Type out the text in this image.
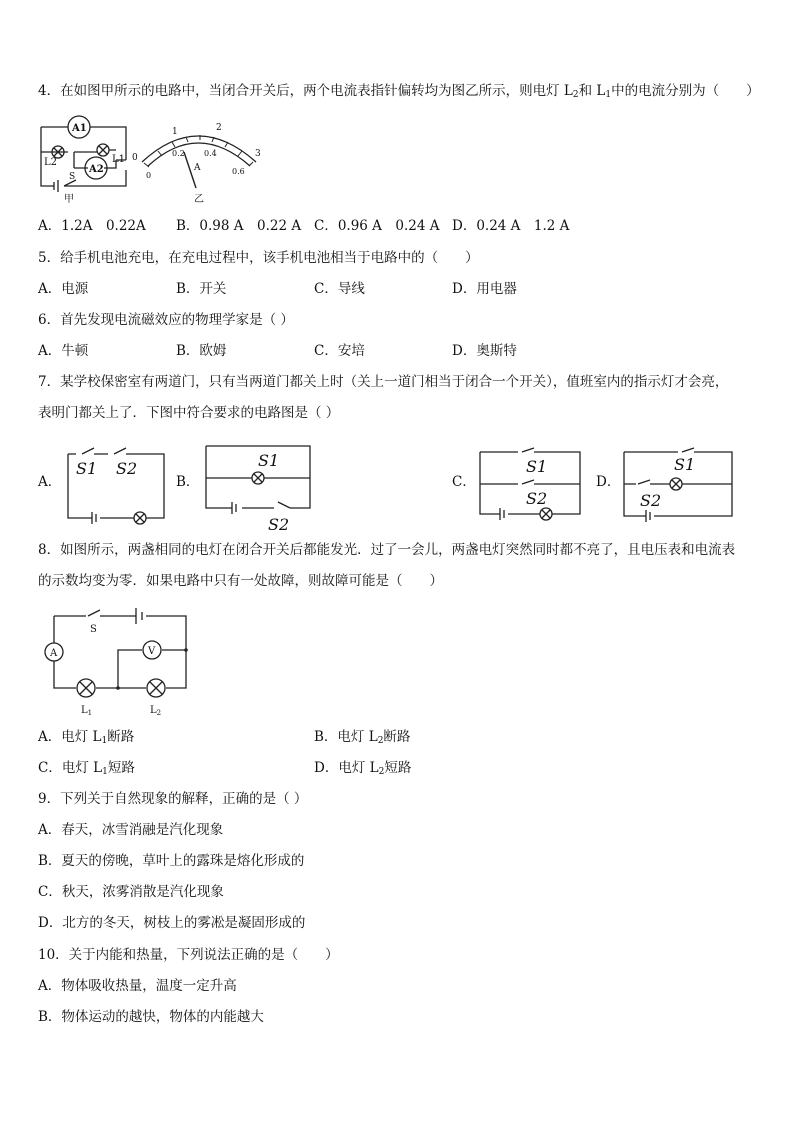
4．在如图甲所示的电路中，当闭合开关后，两个电流表指针偏转均为图乙所示，则电灯 $L_2$和 $L_1$中的电流分别为（　　）
A1
A2
L2	L1
S
甲
0
1	2
3
0
0.2 0.4
0.6
A
乙
A．1.2A　0.22A B．0.98 A　0.22 A C．0.96 A　0.24 A D．0.24 A　1.2 A
5．给手机电池充电，在充电过程中，该手机电池相当于电路中的（　　）
A．电源	B．开关	C．导线	D．用电器
6．首先发现电流磁效应的物理学家是（ ）
A．牛顿	B．欧姆	C．安培	D．奥斯特
7．某学校保密室有两道门，只有当两道门都关上时（关上一道门相当于闭合一个开关），值班室内的指示灯才会亮，
表明门都关上了．下图中符合要求的电路图是（ ）
A．
S1 S2
B．
S1
S2
C．
S1
S2
D．
S1
S2
8．如图所示，两盏相同的电灯在闭合开关后都能发光．过了一会儿，两盏电灯突然同时都不亮了，且电压表和电流表
的示数均变为零．如果电路中只有一处故障，则故障可能是（　　）
S
A	V
$L_1$	$L_2$
A．电灯 $L_1$断路	B．电灯 $L_2$断路
C．电灯 $L_1$短路	D．电灯 $L_2$短路
9．下列关于自然现象的解释，正确的是（ ）
A．春天，冰雪消融是汽化现象
B．夏天的傍晚，草叶上的露珠是熔化形成的
C．秋天，浓雾消散是汽化现象
D．北方的冬天，树枝上的雾凇是凝固形成的
10．关于内能和热量，下列说法正确的是（　　）
A．物体吸收热量，温度一定升高
B．物体运动的越快，物体的内能越大
